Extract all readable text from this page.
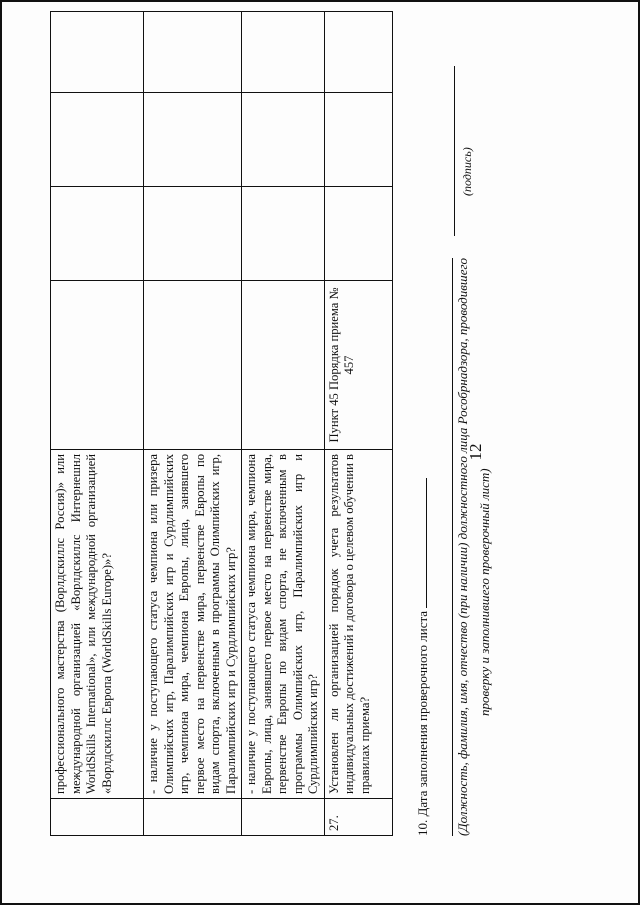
12
	профессионального мастерства (Ворлдскиллс Россия)» или международной организацией «Ворлдскиллс Интернешнл WorldSkills International», или международной организацией «Ворлдскиллс Европа (WorldSkills Europe)»?				
	- наличие у поступающего статуса чемпиона или призера Олимпийских игр, Паралимпийских игр и Сурдлимпийских игр, чемпиона мира, чемпиона Европы, лица, занявшего первое место на первенстве мира, первенстве Европы по видам спорта, включенным в программы Олимпийских игр, Паралимпийских игр и Сурдлимпийских игр?				
	- наличие у поступающего статуса чемпиона мира, чемпиона Европы, лица, занявшего первое место на первенстве мира, первенстве Европы по видам спорта, не включенным в программы Олимпийских игр, Паралимпийских игр и Сурдлимпийских игр?				
27.	Установлен ли организацией порядок учета результатов индивидуальных достижений и договора о целевом обучении в правилах приема?	Пункт 45 Порядка приема № 457			
10. Дата заполнения проверочного листа (Должность, фамилия, имя, отчество (при наличии) должностного лица Рособрнадзора, проводившего проверку и заполнившего проверочный лист)
(подпись)
